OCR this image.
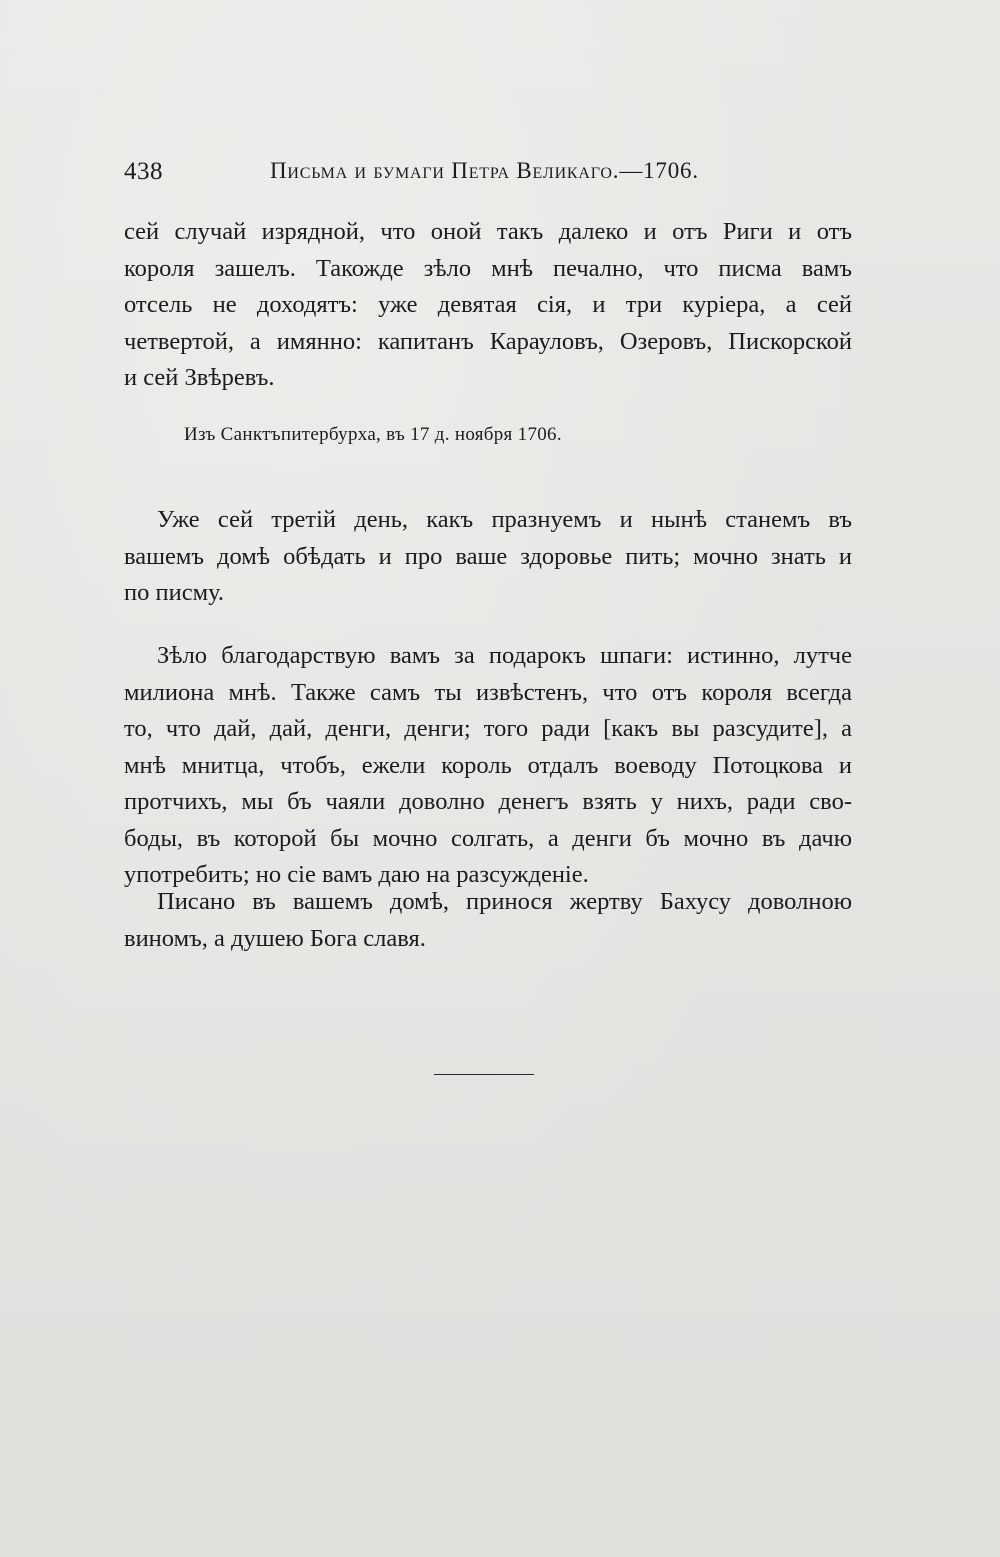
438	Письма и бумаги Петра Великаго.—1706.
сей случай изрядной, что оной такъ далеко и отъ Риги и отъ
короля зашелъ. Такожде зѣло мнѣ печално, что писма вамъ
отсель не доходятъ: уже девятая сія, и три куріера, а сей
четвертой, а имянно: капитанъ Карауловъ, Озеровъ, Пискорской
и сей Звѣревъ.
Изъ Санктъпитербурха, въ 17 д. ноября 1706.
Уже сей третій день, какъ празнуемъ и нынѣ станемъ въ
вашемъ домѣ обѣдать и про ваше здоровье пить; мочно знать и
по писму.
Зѣло благодарствую вамъ за подарокъ шпаги: истинно, лутче
милиона мнѣ. Также самъ ты извѣстенъ, что отъ короля всегда
то, что дай, дай, денги, денги; того ради [какъ вы разсудите], а
мнѣ мнитца, чтобъ, ежели король отдалъ воеводу Потоцкова и
протчихъ, мы бъ чаяли доволно денегъ взять у нихъ, ради сво-
боды, въ которой бы мочно солгать, а денги бъ мочно въ дачю
употребить; но сіе вамъ даю на разсужденіе.
Писано въ вашемъ домѣ, принося жертву Бахусу доволною
виномъ, а душею Бога славя.
